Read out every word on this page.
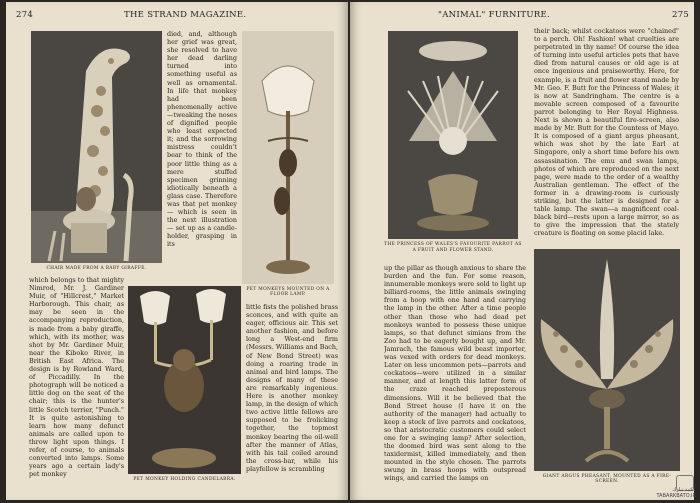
274	THE STRAND MAGAZINE.
CHAIR MADE FROM A BABY GIRAFFE.

died, and, although her grief was great, she resolved to have her dead darling turned into something useful as well as ornamental. In life that monkey had been phenomenally active—tweaking the noses of dignified people who least expected it; and the sorrowing mistress couldn't bear to think of the poor little thing as a mere stuffed specimen grinning idiotically beneath a glass case. Therefore was that pet monkey — which is seen in the next illustration — set up as a candle-holder, grasping in its

PET MONKEYS MOUNTED ON A FLOOR LAMP.

which belongs to that mighty Nimrod, Mr. J. Gardiner Muir, of "Hillcrest," Market Harborough. This chair, as may be seen in the accompanying reproduction, is made from a baby giraffe, which, with its mother, was shot by Mr. Gardiner Muir, near the Kiboko River, in British East Africa. The design is by Rowland Ward, of Piccadilly. In the photograph will be noticed a little dog on the seat of the chair; this is the hunter's little Scotch terrier, "Punch." It is quite astonishing to learn how many defunct animals are called upon to throw light upon things. I refer, of course, to animals converted into lamps. Some years ago a certain lady's pet monkey

PET MONKEY HOLDING CANDELABRA.

little fists the polished brass sconces, and with quite an eager, officious air. This set another fashion, and before long a West-end firm (Messrs. Williams and Bach, of New Bond Street) was doing a roaring trade in animal and bird lamps. The designs of many of these are remarkably ingenious. Here is another monkey lamp, in the design of which two active little fellows are supposed to be frolicking together, the topmost monkey bearing the oil-well after the manner of Atlas, with his tail coiled around the cross-bar, while his playfellow is scrambling

"ANIMAL" FURNITURE.	275
THE PRINCESS OF WALES'S FAVOURITE PARROT AS A FRUIT AND FLOWER STAND.

their back; whilst cockatoos were "chained" to a perch. Oh! Fashion! what cruelties are perpetrated in thy name! Of course the idea of turning into useful articles pets that have died from natural causes or old age is at once ingenious and praiseworthy. Here, for example, is a fruit and flower stand made by Mr. Geo. F. Butt for the Princess of Wales; it is now at Sandringham. The centre is a movable screen composed of a favourite parrot belonging to Her Royal Highness. Next is shown a beautiful fire-screen, also made by Mr. Butt for the Countess of Mayo. It is composed of a giant argus pheasant, which was shot by the late Earl at Singapore, only a short time before his own assassination. The emu and swan lamps, photos of which are reproduced on the next page, were made to the order of a wealthy Australian gentleman. The effect of the former in a drawing-room is curiously striking, but the latter is designed for a table lamp. The swan—a magnificent coal-black bird—rests upon a large mirror, so as to give the impression that the stately creature is floating on some placid lake.

up the pillar as though anxious to share the burden and the fun. For some reason, innumerable monkeys were sold to light up billiard-rooms, the little animals swinging from a hoop with one hand and carrying the lamp in the other. After a time people other than those who had dead pet monkeys wanted to possess these unique lamps, so that defunct simians from the Zoo had to be eagerly bought up, and Mr. Jamrach, the famous wild beast importer, was vexed with orders for dead monkeys. Later on less uncommon pets—parrots and cockatoos—were utilized in a similar manner, and at length this latter form of the craze reached preposterous dimensions. Will it be believed that the Bond Street house (I have it on the authority of the manager) had actually to keep a stock of live parrots and cockatoos, so that aristocratic customers could select one for a swinging lamp? After selection, the doomed bird was sent along to the taxidermist, killed immediately, and then mounted in the style chosen. The parrots swung in brass hoops with outspread wings, and carried the lamps on	GIANT ARGUS PHEASANT, MOUNTED AS A FIRE-SCREEN.
مكتبة تبارك
TABARKBATO.IR
